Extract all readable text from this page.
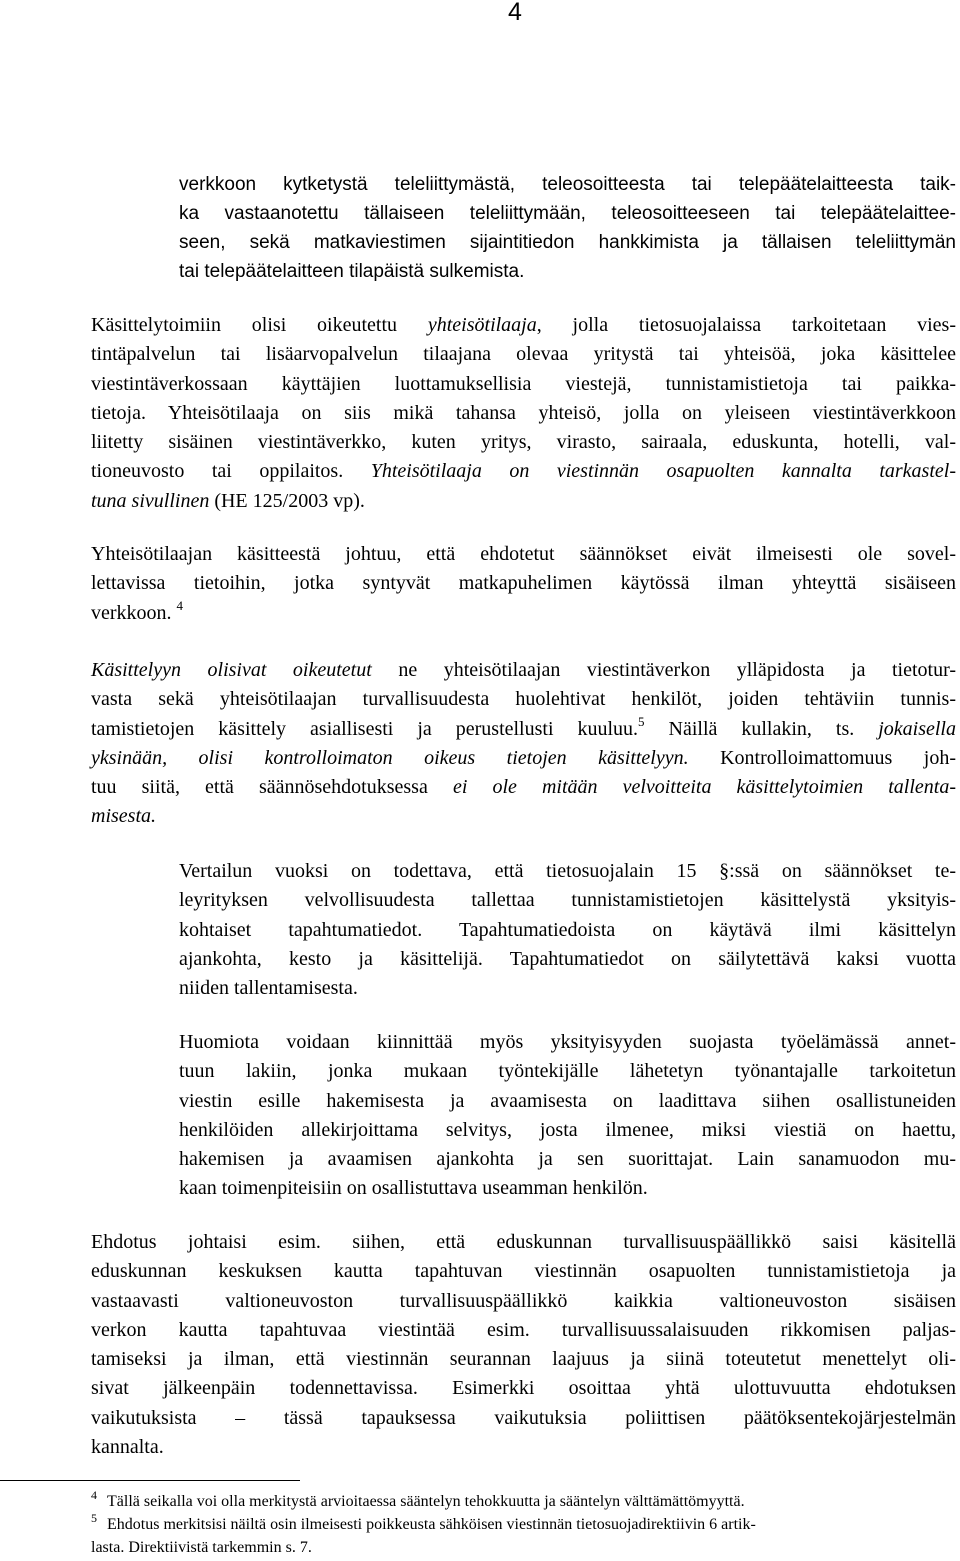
4
verkkoon kytketystä teleliittymästä, teleosoitteesta tai telepäätelaitteesta taik-
ka vastaanotettu tällaiseen teleliittymään, teleosoitteeseen tai telepäätelaittee-
seen, sekä matkaviestimen sijaintitiedon hankkimista ja tällaisen teleliittymän
tai telepäätelaitteen tilapäistä sulkemista.
Käsittelytoimiin olisi oikeutettu yhteisötilaaja, jolla tietosuojalaissa tarkoitetaan vies-
tintäpalvelun tai lisäarvopalvelun tilaajana olevaa yritystä tai yhteisöä, joka käsittelee
viestintäverkossaan käyttäjien luottamuksellisia viestejä, tunnistamistietoja tai paikka-
tietoja. Yhteisötilaaja on siis mikä tahansa yhteisö, jolla on yleiseen viestintäverkkoon
liitetty sisäinen viestintäverkko, kuten yritys, virasto, sairaala, eduskunta, hotelli, val-
tioneuvosto tai oppilaitos. Yhteisötilaaja on viestinnän osapuolten kannalta tarkastel-
tuna sivullinen (HE 125/2003 vp).
Yhteisötilaajan käsitteestä johtuu, että ehdotetut säännökset eivät ilmeisesti ole sovel-
lettavissa tietoihin, jotka syntyvät matkapuhelimen käytössä ilman yhteyttä sisäiseen
verkkoon. $^4$
Käsittelyyn olisivat oikeutetut ne yhteisötilaajan viestintäverkon ylläpidosta ja tietotur-
vasta sekä yhteisötilaajan turvallisuudesta huolehtivat henkilöt, joiden tehtäviin tunnis-
tamistietojen käsittely asiallisesti ja perustellusti kuuluu.$^5$ Näillä kullakin, ts. jokaisella
yksinään, olisi kontrolloimaton oikeus tietojen käsittelyyn. Kontrolloimattomuus joh-
tuu siitä, että säännösehdotuksessa ei ole mitään velvoitteita käsittelytoimien tallenta-
misesta.
Vertailun vuoksi on todettava, että tietosuojalain 15 §:ssä on säännökset te-
leyrityksen velvollisuudesta tallettaa tunnistamistietojen käsittelystä yksityis-
kohtaiset tapahtumatiedot. Tapahtumatiedoista on käytävä ilmi käsittelyn
ajankohta, kesto ja käsittelijä. Tapahtumatiedot on säilytettävä kaksi vuotta
niiden tallentamisesta.
Huomiota voidaan kiinnittää myös yksityisyyden suojasta työelämässä annet-
tuun lakiin, jonka mukaan työntekijälle lähetetyn työnantajalle tarkoitetun
viestin esille hakemisesta ja avaamisesta on laadittava siihen osallistuneiden
henkilöiden allekirjoittama selvitys, josta ilmenee, miksi viestiä on haettu,
hakemisen ja avaamisen ajankohta ja sen suorittajat. Lain sanamuodon mu-
kaan toimenpiteisiin on osallistuttava useamman henkilön.
Ehdotus johtaisi esim. siihen, että eduskunnan turvallisuuspäällikkö saisi käsitellä
eduskunnan keskuksen kautta tapahtuvan viestinnän osapuolten tunnistamistietoja ja
vastaavasti valtioneuvoston turvallisuuspäällikkö kaikkia valtioneuvoston sisäisen
verkon kautta tapahtuvaa viestintää esim. turvallisuussalaisuuden rikkomisen paljas-
tamiseksi ja ilman, että viestinnän seurannan laajuus ja siinä toteutetut menettelyt oli-
sivat jälkeenpäin todennettavissa. Esimerkki osoittaa yhtä ulottuvuutta ehdotuksen
vaikutuksista – tässä tapauksessa vaikutuksia poliittisen päätöksentekojärjestelmän
kannalta.
$^4$ Tällä seikalla voi olla merkitystä arvioitaessa sääntelyn tehokkuutta ja sääntelyn välttämättömyyttä.
$^5$ Ehdotus merkitsisi näiltä osin ilmeisesti poikkeusta sähköisen viestinnän tietosuojadirektiivin 6 artik-
lasta. Direktiivistä tarkemmin s. 7.
